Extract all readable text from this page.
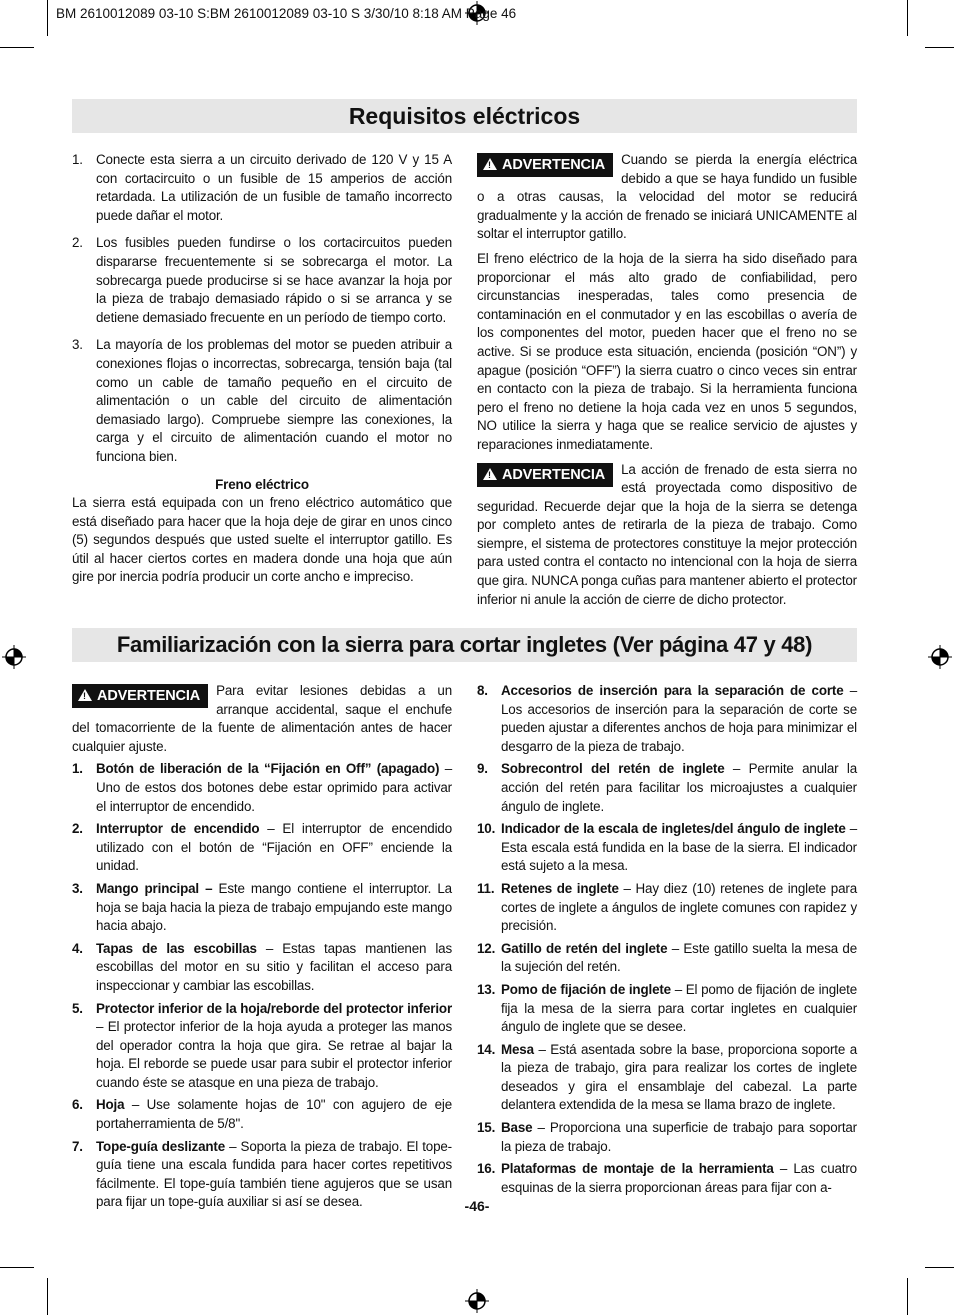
BM 2610012089 03-10 S:BM 2610012089 03-10 S 3/30/10 8:18 AM Page 46
Requisitos eléctricos
1. Conecte esta sierra a un circuito derivado de 120 V y 15 A con cortacircuito o un fusible de 15 amperios de acción retardada. La utilización de un fusible de tamaño incorrecto puede dañar el motor.
2. Los fusibles pueden fundirse o los cortacircuitos pueden dispararse frecuentemente si se sobrecarga el motor. La sobrecarga puede producirse si se hace avanzar la hoja por la pieza de trabajo demasiado rápido o si se arranca y se detiene demasiado frecuente en un período de tiempo corto.
3. La mayoría de los problemas del motor se pueden atribuir a conexiones flojas o incorrectas, sobrecarga, tensión baja (tal como un cable de tamaño pequeño en el circuito de alimentación o un cable del circuito de alimentación demasiado largo). Compruebe siempre las conexiones, la carga y el circuito de alimentación cuando el motor no funciona bien.
Freno eléctrico

La sierra está equipada con un freno eléctrico automático que está diseñado para hacer que la hoja deje de girar en unos cinco (5) segundos después que usted suelte el interruptor gatillo. Es útil al hacer ciertos cortes en madera donde una hoja que aún gire por inercia podría producir un corte ancho e impreciso.

! ADVERTENCIA	Cuando se pierda la energía eléctrica debido a que se haya fundido un fusible o a otras causas, la velocidad del motor se reducirá gradualmente y la acción de frenado se iniciará UNICAMENTE al soltar el interruptor gatillo.

El freno eléctrico de la hoja de la sierra ha sido diseñado para proporcionar el más alto grado de confiabilidad, pero circunstancias inesperadas, tales como presencia de contaminación en el conmutador y en las escobillas o avería de los componentes del motor, pueden hacer que el freno no se active. Si se produce esta situación, encienda (posición “ON”) y apague (posición “OFF”) la sierra cuatro o cinco veces sin entrar en contacto con la pieza de trabajo. Si la herramienta funciona pero el freno no detiene la hoja cada vez en unos 5 segundos, NO utilice la sierra y haga que se realice servicio de ajustes y reparaciones inmediatamente.

! ADVERTENCIA	La acción de frenado de esta sierra no está proyectada como dispositivo de seguridad. Recuerde dejar que la hoja de la sierra se detenga por completo antes de retirarla de la pieza de trabajo. Como siempre, el sistema de protectores constituye la mejor protección para usted contra el contacto no intencional con la hoja de sierra que gira. NUNCA ponga cuñas para mantener abierto el protector inferior ni anule la acción de cierre de dicho protector.

Familiarización con la sierra para cortar ingletes (Ver página 47 y 48)

! ADVERTENCIA	Para evitar lesiones debidas a un arranque accidental, saque el enchufe del tomacorriente de la fuente de alimentación antes de hacer cualquier ajuste.

1. Botón de liberación de la “Fijación en Off” (apagado) – Uno de estos dos botones debe estar oprimido para activar el interruptor de encendido.
2. Interruptor de encendido – El interruptor de encendido utilizado con el botón de “Fijación en OFF” enciende la unidad.
3. Mango principal – Este mango contiene el interruptor. La hoja se baja hacia la pieza de trabajo empujando este mango hacia abajo.
4. Tapas de las escobillas – Estas tapas mantienen las escobillas del motor en su sitio y facilitan el acceso para inspeccionar y cambiar las escobillas.
5. Protector inferior de la hoja/reborde del protector inferior – El protector inferior de la hoja ayuda a proteger las manos del operador contra la hoja que gira. Se retrae al bajar la hoja. El reborde se puede usar para subir el protector inferior cuando éste se atasque en una pieza de trabajo.
6. Hoja – Use solamente hojas de 10" con agujero de eje portaherramienta de 5/8".
7. Tope-guía deslizante – Soporta la pieza de trabajo. El tope-guía tiene una escala fundida para hacer cortes repetitivos fácilmente. El tope-guía también tiene agujeros que se usan para fijar un tope-guía auxiliar si así se desea.
8. Accesorios de inserción para la separación de corte – Los accesorios de inserción para la separación de corte se pueden ajustar a diferentes anchos de hoja para minimizar el desgarro de la pieza de trabajo.
9. Sobrecontrol del retén de inglete – Permite anular la acción del retén para facilitar los microajustes a cualquier ángulo de inglete.
10. Indicador de la escala de ingletes/del ángulo de inglete – Esta escala está fundida en la base de la sierra. El indicador está sujeto a la mesa.
11. Retenes de inglete – Hay diez (10) retenes de inglete para cortes de inglete a ángulos de inglete comunes con rapidez y precisión.
12. Gatillo de retén del inglete – Este gatillo suelta la mesa de la sujeción del retén.
13. Pomo de fijación de inglete – El pomo de fijación de inglete fija la mesa de la sierra para cortar ingletes en cualquier ángulo de inglete que se desee.
14. Mesa – Está asentada sobre la base, proporciona soporte a la pieza de trabajo, gira para realizar los cortes de inglete deseados y gira el ensamblaje del cabezal. La parte delantera extendida de la mesa se llama brazo de inglete.
15. Base – Proporciona una superficie de trabajo para soportar la pieza de trabajo.
16. Plataformas de montaje de la herramienta – Las cuatro esquinas de la sierra proporcionan áreas para fijar con a-
-46-
